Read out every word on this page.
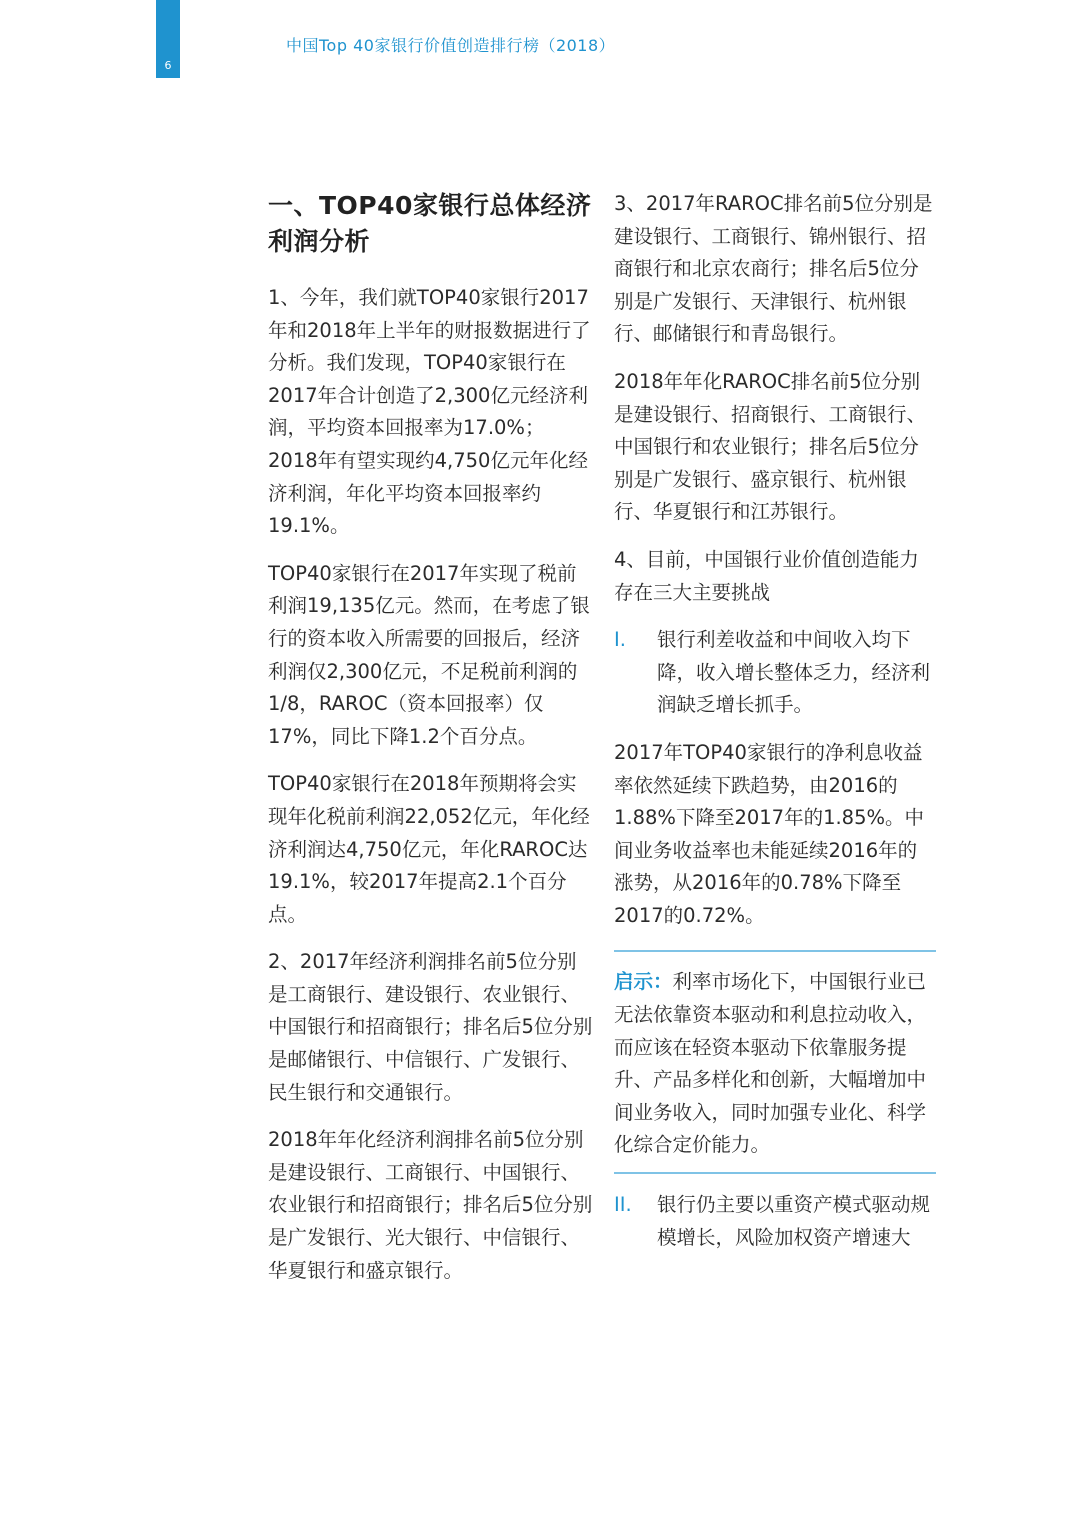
6
中国Top 40家银行价值创造排行榜（2018）
一、TOP40家银行总体经济利润分析

1、今年，我们就TOP40家银行2017年和2018年上半年的财报数据进行了分析。我们发现，TOP40家银行在2017年合计创造了2,300亿元经济利润，平均资本回报率为17.0%；2018年有望实现约4,750亿元年化经济利润，年化平均资本回报率约19.1%。

TOP40家银行在2017年实现了税前利润19,135亿元。然而，在考虑了银行的资本收入所需要的回报后，经济利润仅2,300亿元，不足税前利润的1/8，RAROC（资本回报率）仅17%，同比下降1.2个百分点。

TOP40家银行在2018年预期将会实现年化税前利润22,052亿元，年化经济利润达4,750亿元，年化RAROC达19.1%，较2017年提高2.1个百分点。

2、2017年经济利润排名前5位分别是工商银行、建设银行、农业银行、中国银行和招商银行；排名后5位分别是邮储银行、中信银行、广发银行、民生银行和交通银行。

2018年年化经济利润排名前5位分别是建设银行、工商银行、中国银行、农业银行和招商银行；排名后5位分别是广发银行、光大银行、中信银行、华夏银行和盛京银行。

3、2017年RAROC排名前5位分别是建设银行、工商银行、锦州银行、招商银行和北京农商行；排名后5位分别是广发银行、天津银行、杭州银行、邮储银行和青岛银行。

2018年年化RAROC排名前5位分别是建设银行、招商银行、工商银行、中国银行和农业银行；排名后5位分别是广发银行、盛京银行、杭州银行、华夏银行和江苏银行。

4、目前，中国银行业价值创造能力存在三大主要挑战

I.	银行利差收益和中间收入均下降，收入增长整体乏力，经济利润缺乏增长抓手。

2017年TOP40家银行的净利息收益率依然延续下跌趋势，由2016的1.88%下降至2017年的1.85%。中间业务收益率也未能延续2016年的涨势，从2016年的0.78%下降至2017的0.72%。

启示：利率市场化下，中国银行业已无法依靠资本驱动和利息拉动收入，而应该在轻资本驱动下依靠服务提升、产品多样化和创新，大幅增加中间业务收入，同时加强专业化、科学化综合定价能力。
II.	银行仍主要以重资产模式驱动规模增长，风险加权资产增速大
